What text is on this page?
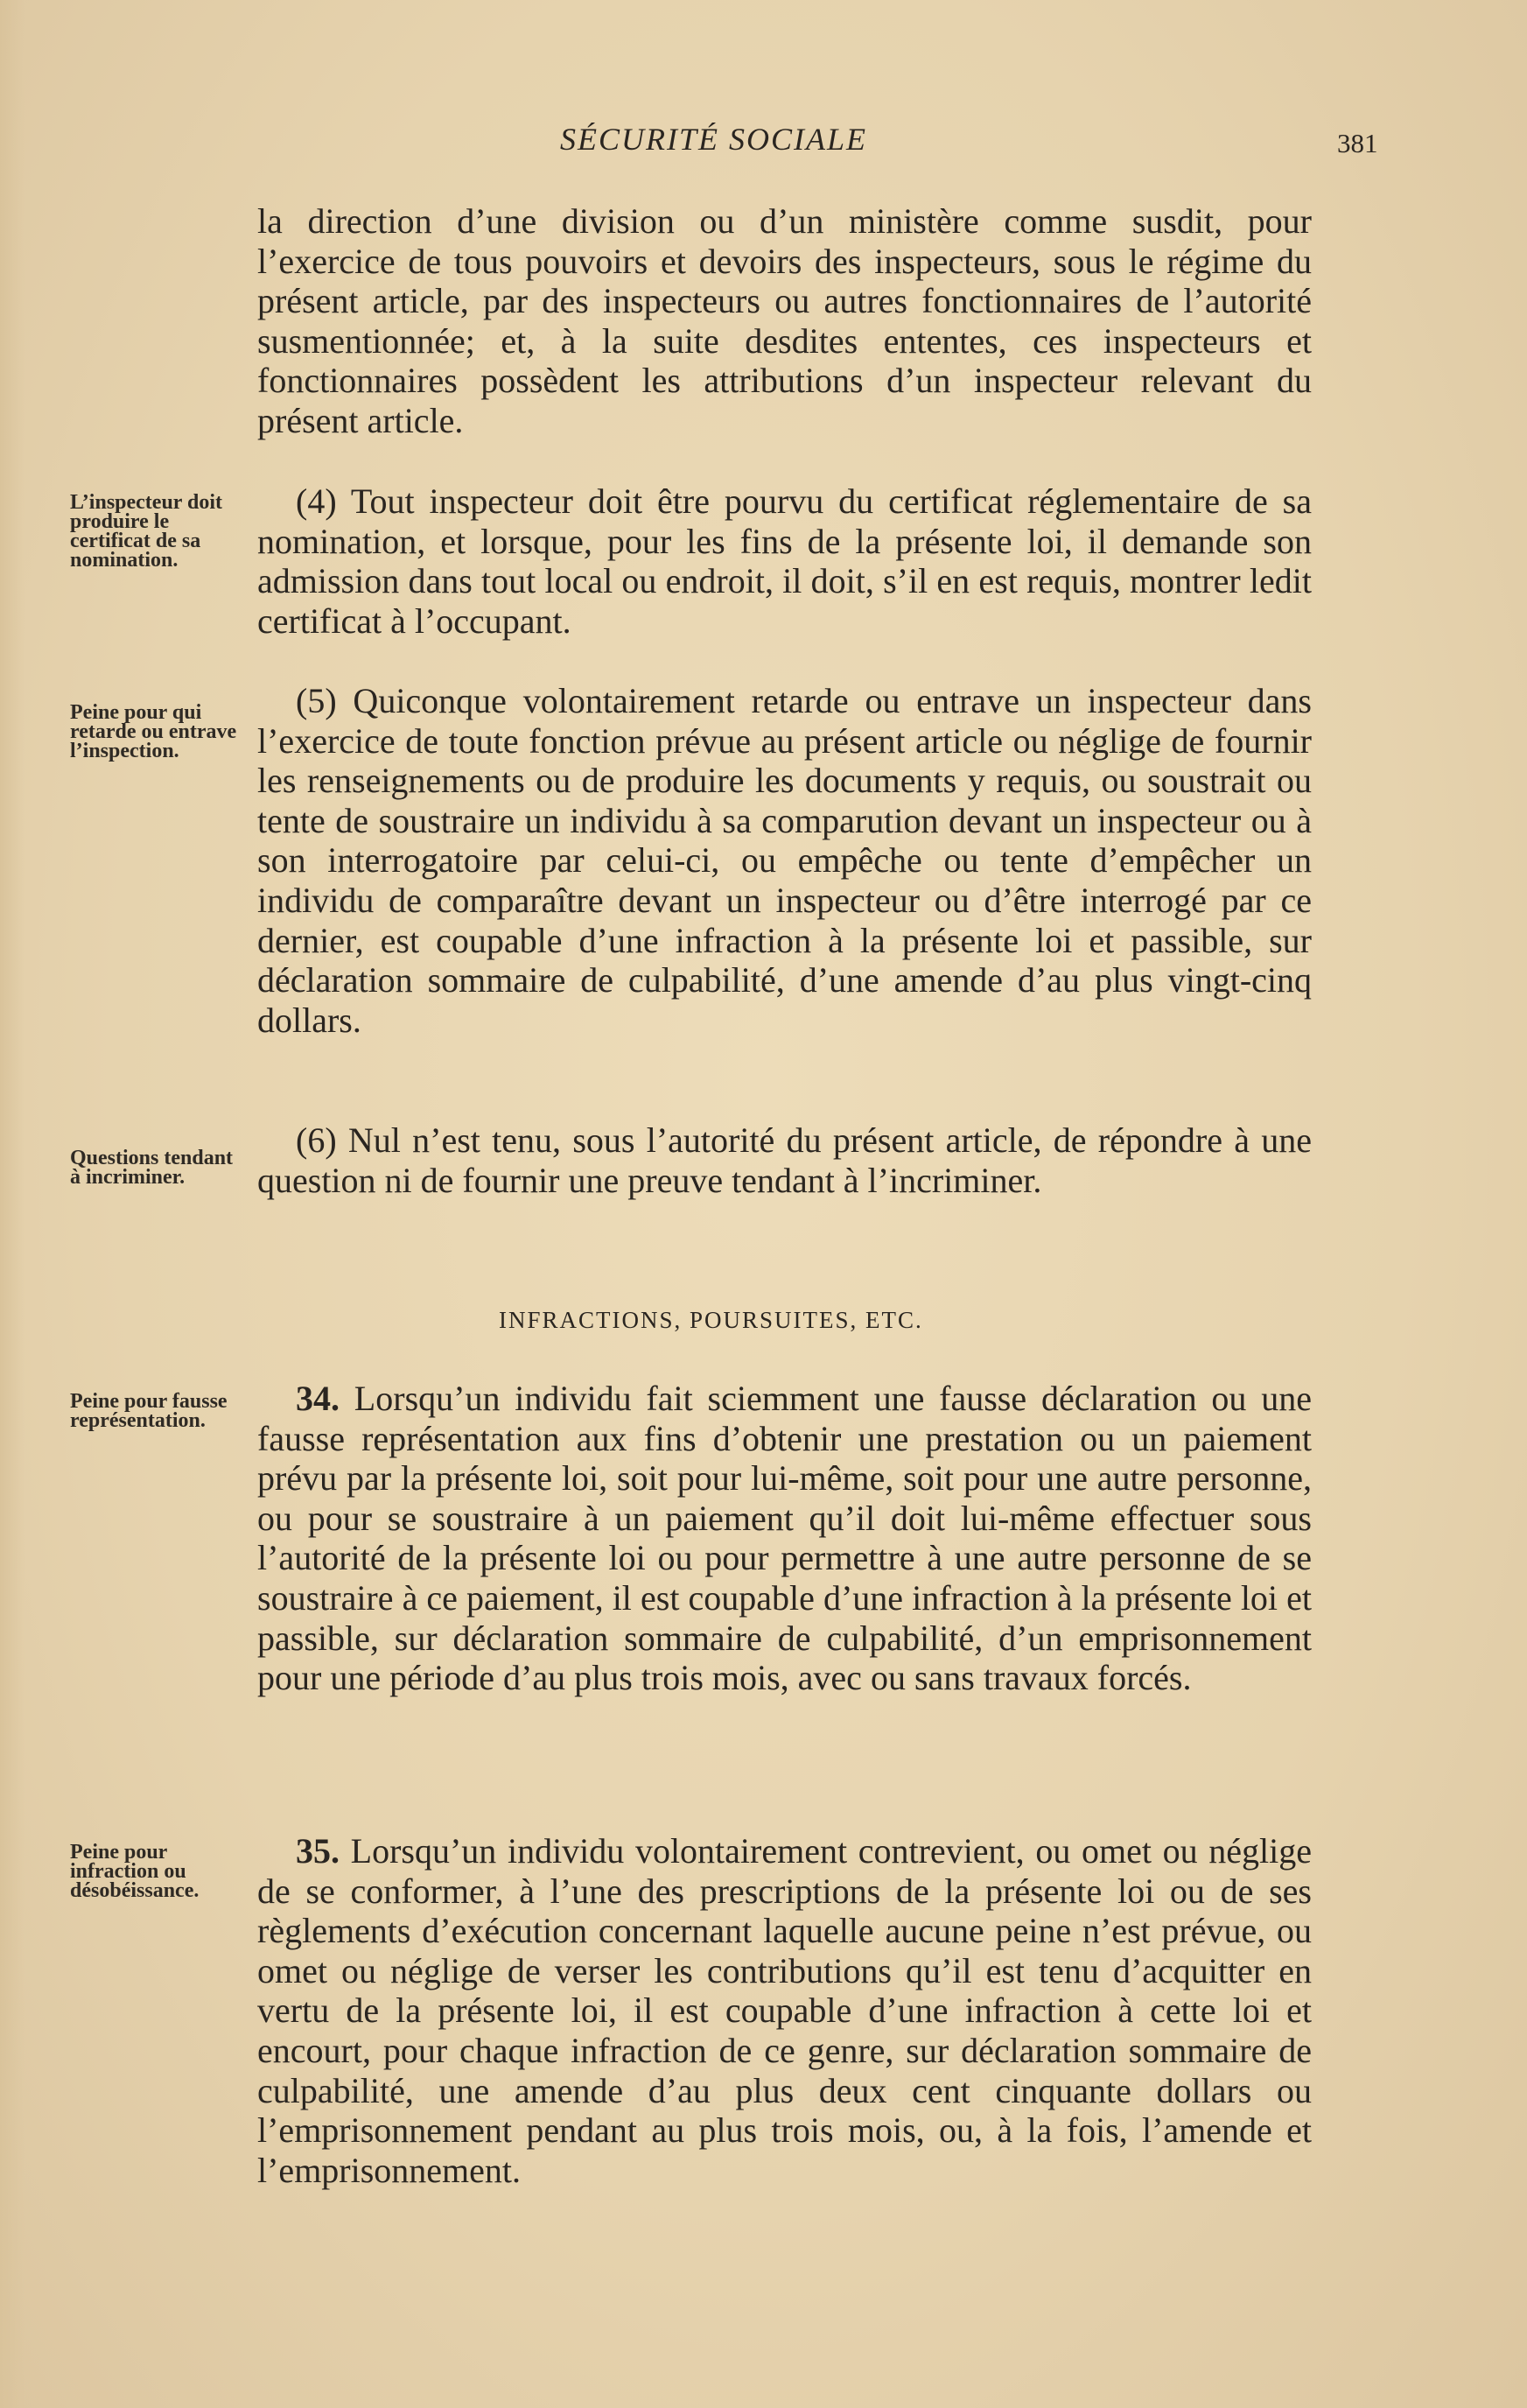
SÉCURITÉ SOCIALE	381

la direction d’une division ou d’un ministère comme susdit, pour l’exercice de tous pouvoirs et devoirs des inspecteurs, sous le régime du présent article, par des inspecteurs ou autres fonctionnaires de l’autorité susmentionnée; et, à la suite desdites ententes, ces inspecteurs et fonctionnaires possèdent les attributions d’un inspecteur relevant du présent article.

(4) Tout inspecteur doit être pourvu du certificat réglementaire de sa nomination, et lorsque, pour les fins de la présente loi, il demande son admission dans tout local ou endroit, il doit, s’il en est requis, montrer ledit certificat à l’occupant.

(5) Quiconque volontairement retarde ou entrave un inspecteur dans l’exercice de toute fonction prévue au présent article ou néglige de fournir les renseignements ou de produire les documents y requis, ou soustrait ou tente de soustraire un individu à sa comparution devant un inspecteur ou à son interrogatoire par celui-ci, ou empêche ou tente d’empêcher un individu de comparaître devant un inspecteur ou d’être interrogé par ce dernier, est coupable d’une infraction à la présente loi et passible, sur déclaration sommaire de culpabilité, d’une amende d’au plus vingt-cinq dollars.

(6) Nul n’est tenu, sous l’autorité du présent article, de répondre à une question ni de fournir une preuve tendant à l’incriminer.

INFRACTIONS, POURSUITES, ETC.

34. Lorsqu’un individu fait sciemment une fausse déclaration ou une fausse représentation aux fins d’obtenir une prestation ou un paiement prévu par la présente loi, soit pour lui-même, soit pour une autre personne, ou pour se soustraire à un paiement qu’il doit lui-même effectuer sous l’autorité de la présente loi ou pour permettre à une autre personne de se soustraire à ce paiement, il est coupable d’une infraction à la présente loi et passible, sur déclaration sommaire de culpabilité, d’un emprisonnement pour une période d’au plus trois mois, avec ou sans travaux forcés.

35. Lorsqu’un individu volontairement contrevient, ou omet ou néglige de se conformer, à l’une des prescriptions de la présente loi ou de ses règlements d’exécution concernant laquelle aucune peine n’est prévue, ou omet ou néglige de verser les contributions qu’il est tenu d’acquitter en vertu de la présente loi, il est coupable d’une infraction à cette loi et encourt, pour chaque infraction de ce genre, sur déclaration sommaire de culpabilité, une amende d’au plus deux cent cinquante dollars ou l’emprisonnement pendant au plus trois mois, ou, à la fois, l’amende et l’emprisonnement.

L’inspecteur doit produire le certificat de sa nomination.
Peine pour qui retarde ou entrave l’inspection.
Questions tendant à incriminer.
Peine pour fausse représentation.
Peine pour infraction ou désobéissance.
